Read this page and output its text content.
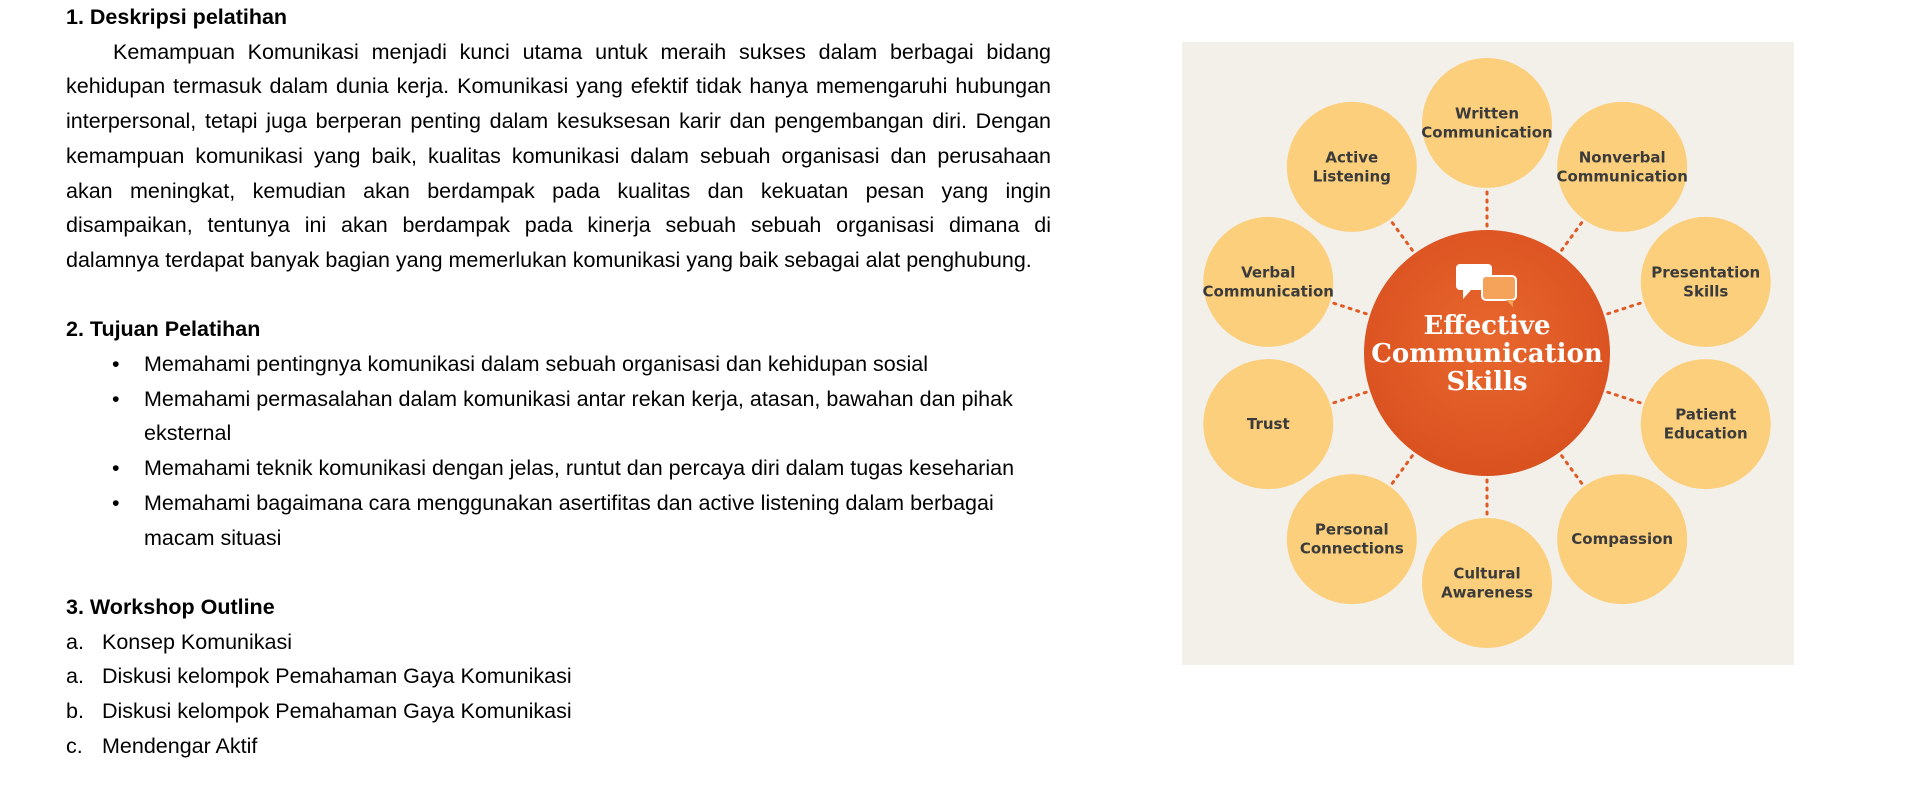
1. Deskripsi pelatihan

Kemampuan Komunikasi menjadi kunci utama untuk meraih sukses dalam berbagai bidang kehidupan termasuk dalam dunia kerja. Komunikasi yang efektif tidak hanya memengaruhi hubungan interpersonal, tetapi juga berperan penting dalam kesuksesan karir dan pengembangan diri. Dengan kemampuan komunikasi yang baik, kualitas komunikasi dalam sebuah organisasi dan perusahaan akan meningkat, kemudian akan berdampak pada kualitas dan kekuatan pesan yang ingin disampaikan, tentunya ini akan berdampak pada kinerja sebuah sebuah organisasi dimana di dalamnya terdapat banyak bagian yang memerlukan komunikasi yang baik sebagai alat penghubung.

2. Tujuan Pelatihan

• Memahami pentingnya komunikasi dalam sebuah organisasi dan kehidupan sosial
• Memahami permasalahan dalam komunikasi antar rekan kerja, atasan, bawahan dan pihak eksternal
• Memahami teknik komunikasi dengan jelas, runtut dan percaya diri dalam tugas keseharian
• Memahami bagaimana cara menggunakan asertifitas dan active listening dalam berbagai macam situasi

3. Workshop Outline

a. Konsep Komunikasi
a. Diskusi kelompok Pemahaman Gaya Komunikasi
b. Diskusi kelompok Pemahaman Gaya Komunikasi
c. Mendengar Aktif
Written
Communication
Nonverbal
Communication
Presentation
Skills
Patient
Education
Compassion
Cultural
Awareness
Personal
Connections
Trust
Verbal
Communication
Active
Listening
Effective
Communication
Skills
